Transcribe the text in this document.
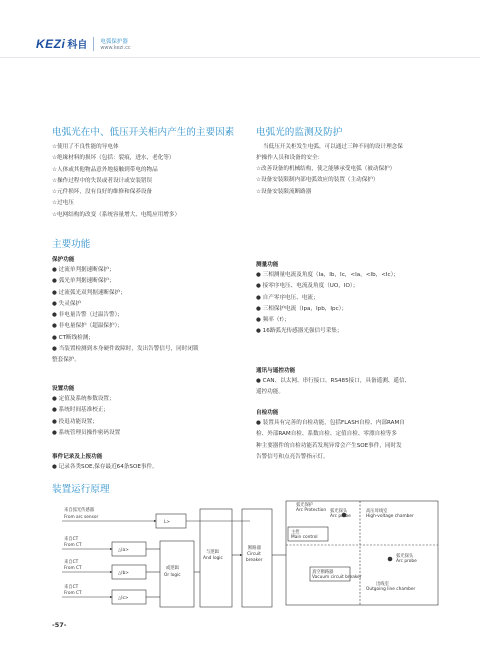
KEZi 科自 电弧保护器
www.kezi.cc
电弧光在中、低压开关柜内产生的主要因素 电弧光的监测及防护
☆使用了不良性能的导电体
☆绝缘材料的损坏（包括：裂痕，进水，老化等）
☆人体或其他物品意外地接触到带电的物品
☆操作过程中的失误或者设计或安装错误
☆元件损坏，没有良好的维修和保养设备
☆过电压
☆电网结构的改变（系统容量增大、电缆应用增多）
当低压开关柜发生电弧，可以通过三种不同的设计理念保
护操作人员和设备的安全：
☆改善设备的机械结构，使之能够承受电弧（被动保护）
☆设备安装限制内部电弧效应的装置（主动保护）
☆设备安装限流断路器
主要功能
保护功能
● 过流单判据速断保护；
● 弧光单判据速断保护；
● 过流弧光双判据速断保护；
● 失灵保护
● 非电量告警（过温告警）；
● 非电量保护（超温保护）；
● CT断线检测；
● 当装置检测到本身硬件故障时，发出告警信号，同时闭锁
整套保护。
设置功能
● 定值及系统参数设置；
● 系统时间基准校正；
● 投退功能设置；
● 系统管理员操作密码设置
事件记录及上报功能
● 记录各类SOE,保存最近64条SOE事件。
测量功能
● 三相测量电流及角度（Ia，Ib，Ic，<Ia，<Ib，<Ic）；
● 接零序电压、电流及角度（UO，IO）；
● 自产零序电压、电流；
● 三相保护电流（Ipa，Ipb，Ipc）；
● 频率（f）；
● 16路弧光传感器光强信号采集；
通讯与遥控功能
● CAN、以太网、串行接口、RS485接口，具备遥测、遥信、
遥控功能。
自检功能
● 装置具有完善的自检功能，包括FLASH自检、内部RAM自
检、外部RAM自检、系数自检、定值自检、零漂自检等多
种主要器件的自检功能若发现异常会产生SOE事件，同时发
告警信号和点亮告警指示灯。
装置运行原理
来自弧光传感器
From arc sensor
L>
来自CT
From CT
△Ia>
来自CT
From CT
△Ib>
来自CT
From CT
△Ic>
或逻辑
Or logic
与逻辑
And logic
断路器
Circuit
breaker
弧光保护
Arc Protection 弧光探头
Arc probe
高压母线室
High-voltage chamber
主控
Main control
真空断路器
Vacuum circuit breaker
弧光探头
Arc probe
出线室
Outgoing line chamber
-57-
